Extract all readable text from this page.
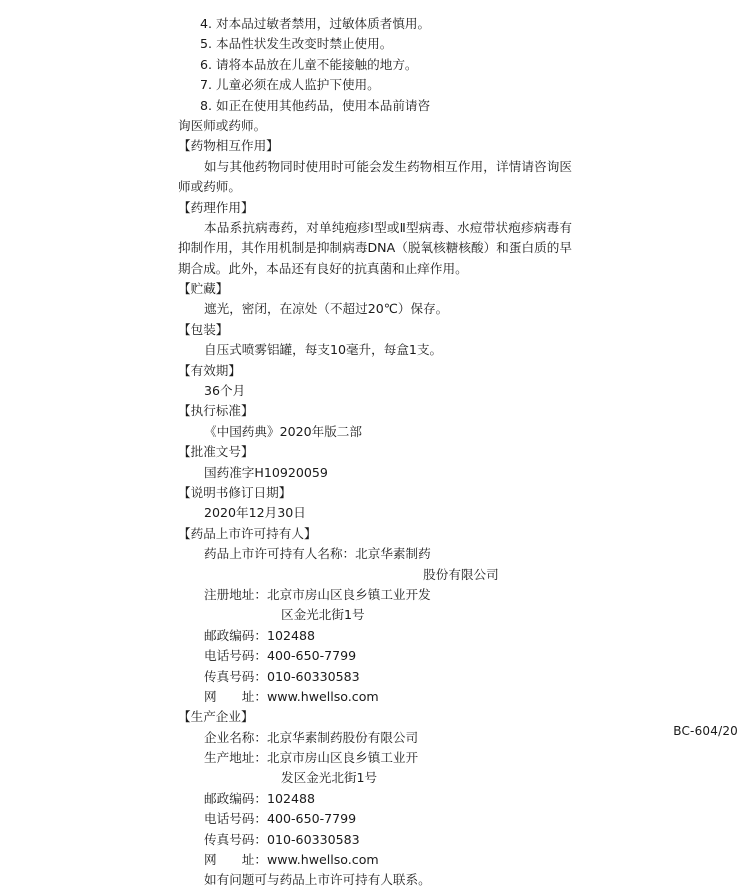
4. 对本品过敏者禁用，过敏体质者慎用。
5. 本品性状发生改变时禁止使用。
6. 请将本品放在儿童不能接触的地方。
7. 儿童必须在成人监护下使用。
8. 如正在使用其他药品，使用本品前请咨
询医师或药师。
【药物相互作用】
如与其他药物同时使用时可能会发生药物相互作用，详情请咨询医师或药师。
【药理作用】
本品系抗病毒药，对单纯疱疹Ⅰ型或Ⅱ型病毒、水痘带状疱疹病毒有抑制作用，其作用机制是抑制病毒DNA（脱氧核糖核酸）和蛋白质的早期合成。此外，本品还有良好的抗真菌和止痒作用。
【贮藏】
遮光，密闭，在凉处（不超过20℃）保存。
【包装】
自压式喷雾铝罐，每支10毫升，每盒1支。
【有效期】
36个月
【执行标准】
《中国药典》2020年版二部
【批准文号】
国药准字H10920059
【说明书修订日期】
2020年12月30日
【药品上市许可持有人】
药品上市许可持有人名称： 北京华素制药
股份有限公司
注册地址： 北京市房山区良乡镇工业开发
区金光北街1号
邮政编码： 102488
电话号码： 400-650-7799
传真号码： 010-60330583
网　　址： www.hwellso.com
【生产企业】
企业名称： 北京华素制药股份有限公司
生产地址： 北京市房山区良乡镇工业开
发区金光北街1号
邮政编码： 102488
电话号码： 400-650-7799
传真号码： 010-60330583
网　　址： www.hwellso.com
如有问题可与药品上市许可持有人联系。
BC-604/20
